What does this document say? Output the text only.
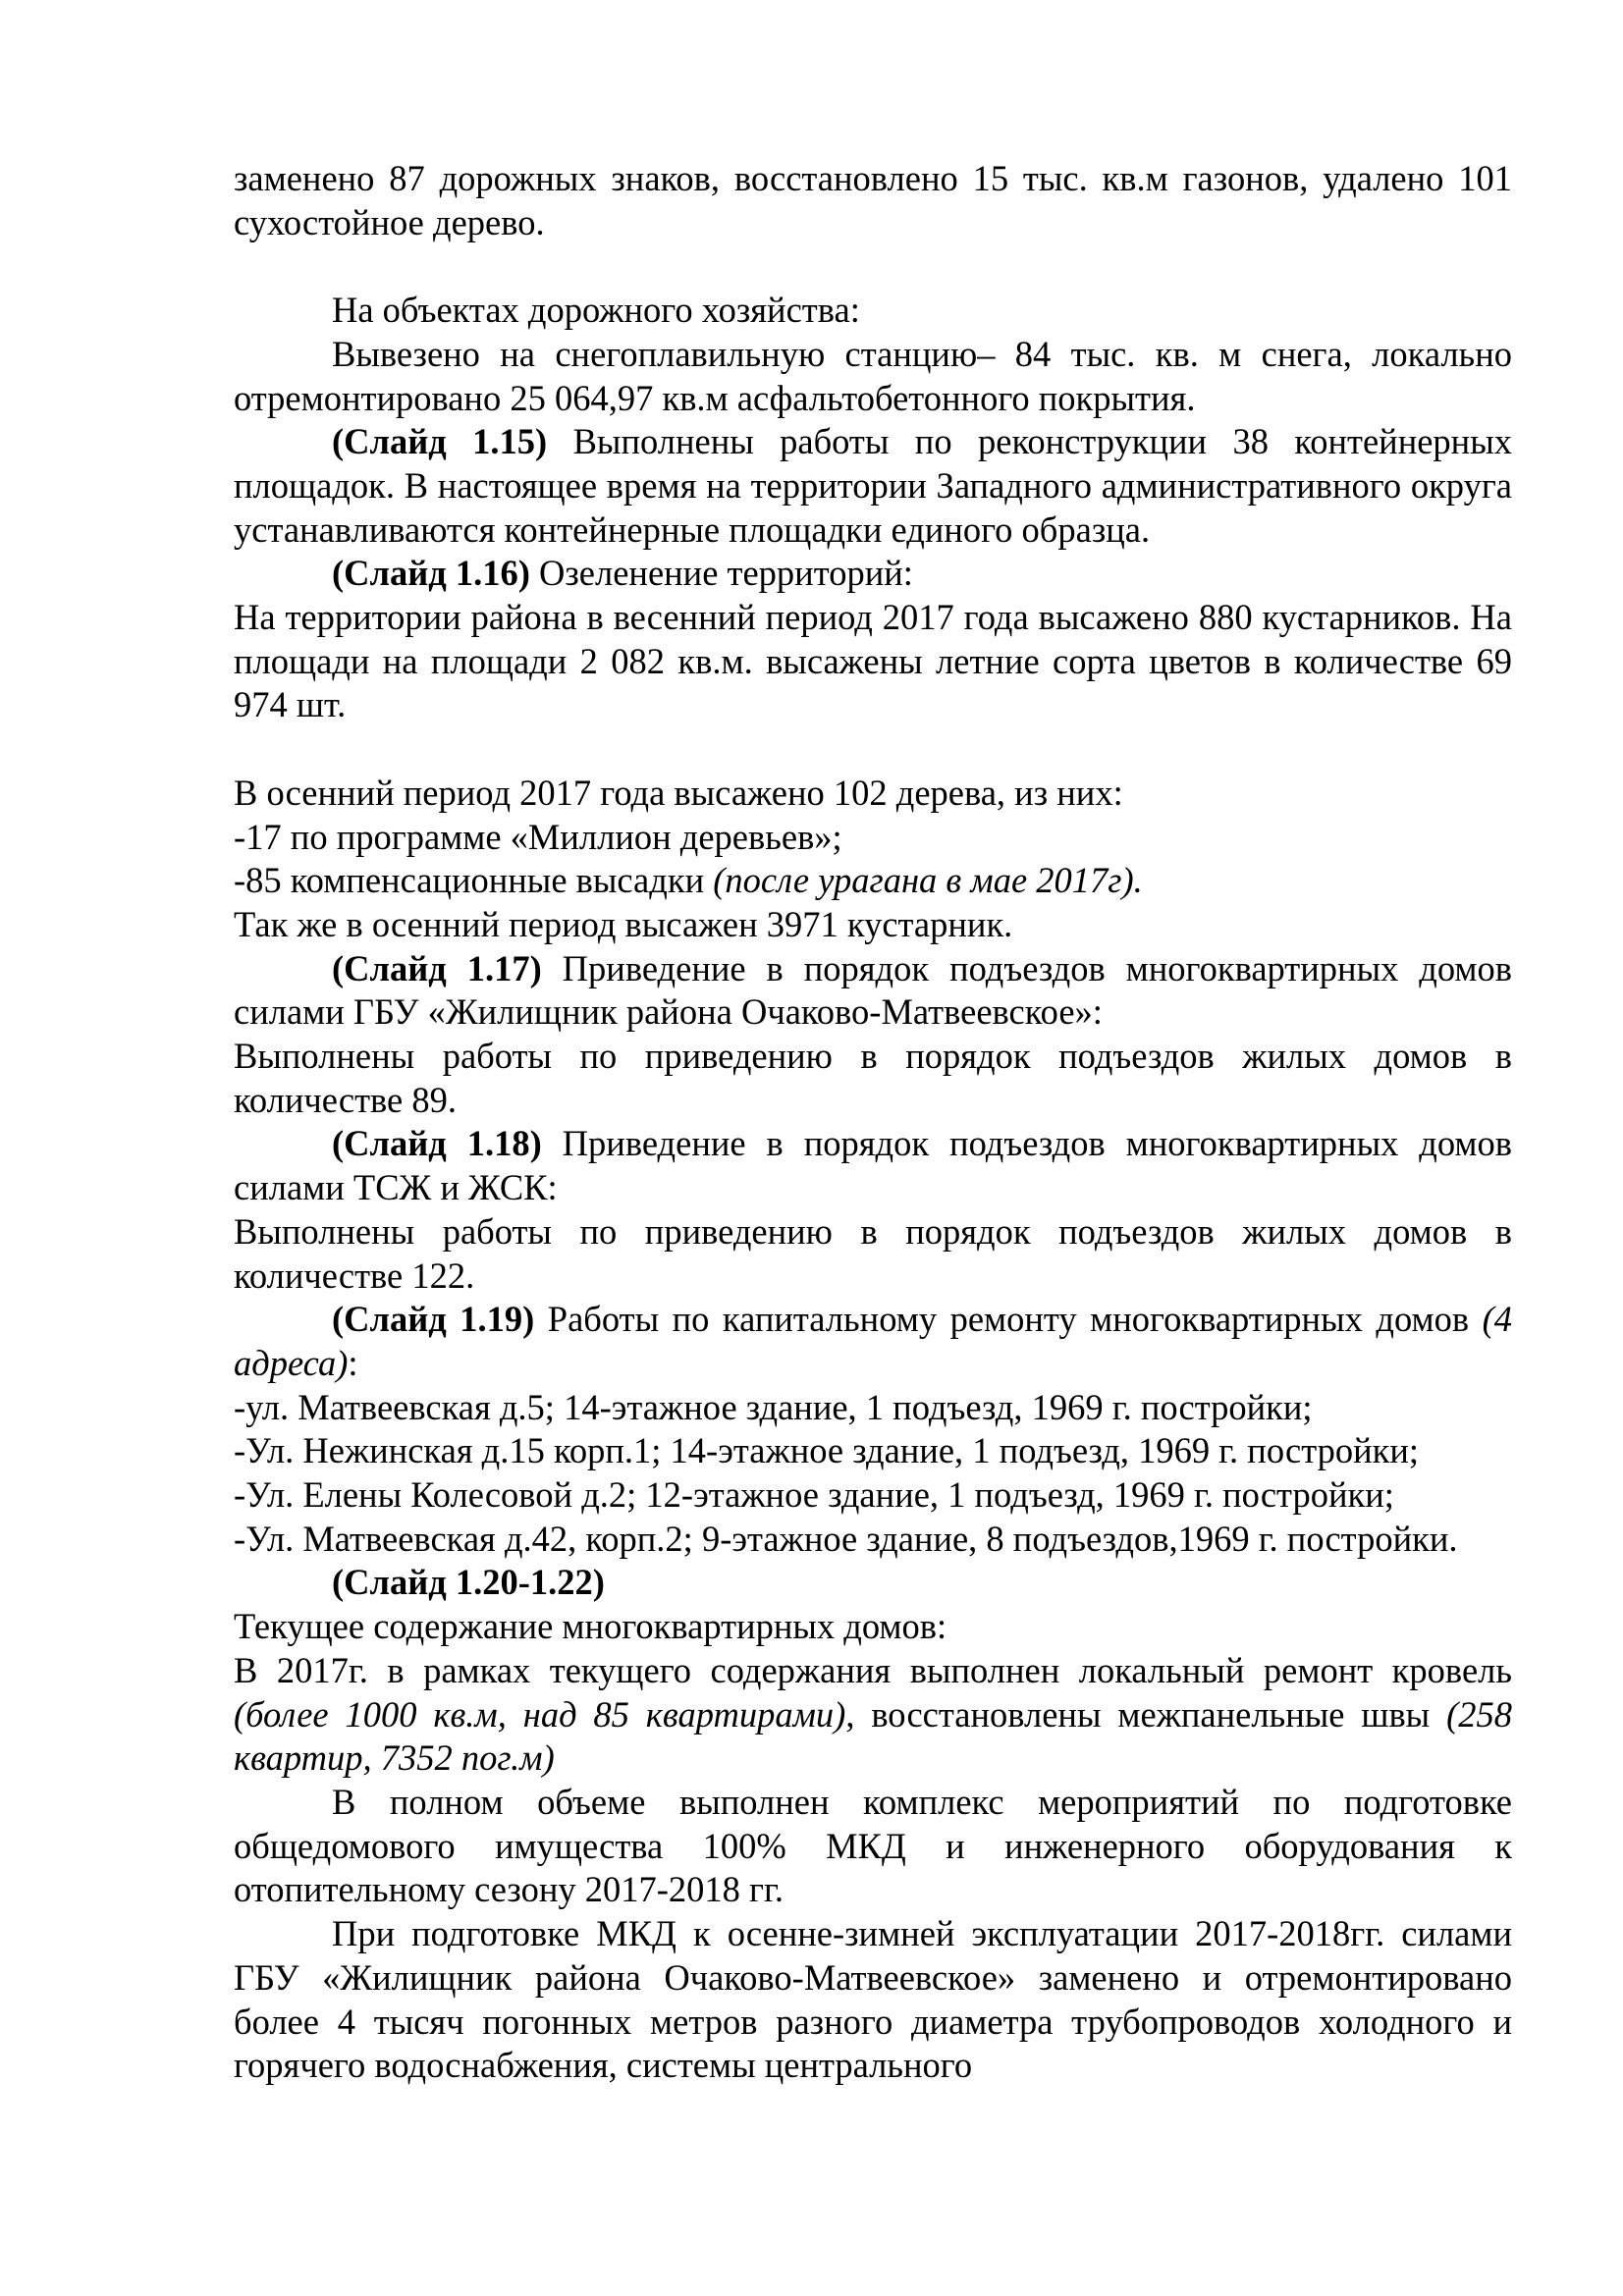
заменено 87 дорожных знаков, восстановлено 15 тыс. кв.м газонов, удалено 101 сухостойное дерево.

На объектах дорожного хозяйства:

Вывезено на снегоплавильную станцию– 84 тыс. кв. м снега, локально отремонтировано 25 064,97 кв.м асфальтобетонного покрытия.

(Слайд 1.15) Выполнены работы по реконструкции 38 контейнерных площадок. В настоящее время на территории Западного административного округа устанавливаются контейнерные площадки единого образца.

(Слайд 1.16) Озеленение территорий:

На территории района в весенний период 2017 года высажено 880 кустарников. На площади на площади 2 082 кв.м. высажены летние сорта цветов в количестве 69 974 шт.

В осенний период 2017 года высажено 102 дерева, из них:

-17 по программе «Миллион деревьев»;

-85 компенсационные высадки (после урагана в мае 2017г).

Так же в осенний период высажен 3971 кустарник.

(Слайд 1.17) Приведение в порядок подъездов многоквартирных домов силами ГБУ «Жилищник района Очаково-Матвеевское»:

Выполнены работы по приведению в порядок подъездов жилых домов в количестве 89.

(Слайд 1.18) Приведение в порядок подъездов многоквартирных домов силами ТСЖ и ЖСК:

Выполнены работы по приведению в порядок подъездов жилых домов в количестве 122.

(Слайд 1.19) Работы по капитальному ремонту многоквартирных домов (4 адреса):

-ул. Матвеевская д.5; 14-этажное здание, 1 подъезд, 1969 г. постройки;

-Ул. Нежинская д.15 корп.1; 14-этажное здание, 1 подъезд, 1969 г. постройки;

-Ул. Елены Колесовой д.2; 12-этажное здание, 1 подъезд, 1969 г. постройки;

-Ул. Матвеевская д.42, корп.2; 9-этажное здание, 8 подъездов,1969 г. постройки.

(Слайд 1.20-1.22)

Текущее содержание многоквартирных домов:

В 2017г. в рамках текущего содержания выполнен локальный ремонт кровель (более 1000 кв.м, над 85 квартирами), восстановлены межпанельные швы (258 квартир, 7352 пог.м)

В полном объеме выполнен комплекс мероприятий по подготовке общедомового имущества 100% МКД и инженерного оборудования к отопительному сезону 2017-2018 гг.

При подготовке МКД к осенне-зимней эксплуатации 2017-2018гг. силами ГБУ «Жилищник района Очаково-Матвеевское» заменено и отремонтировано более 4 тысяч погонных метров разного диаметра трубопроводов холодного и горячего водоснабжения, системы центрального
